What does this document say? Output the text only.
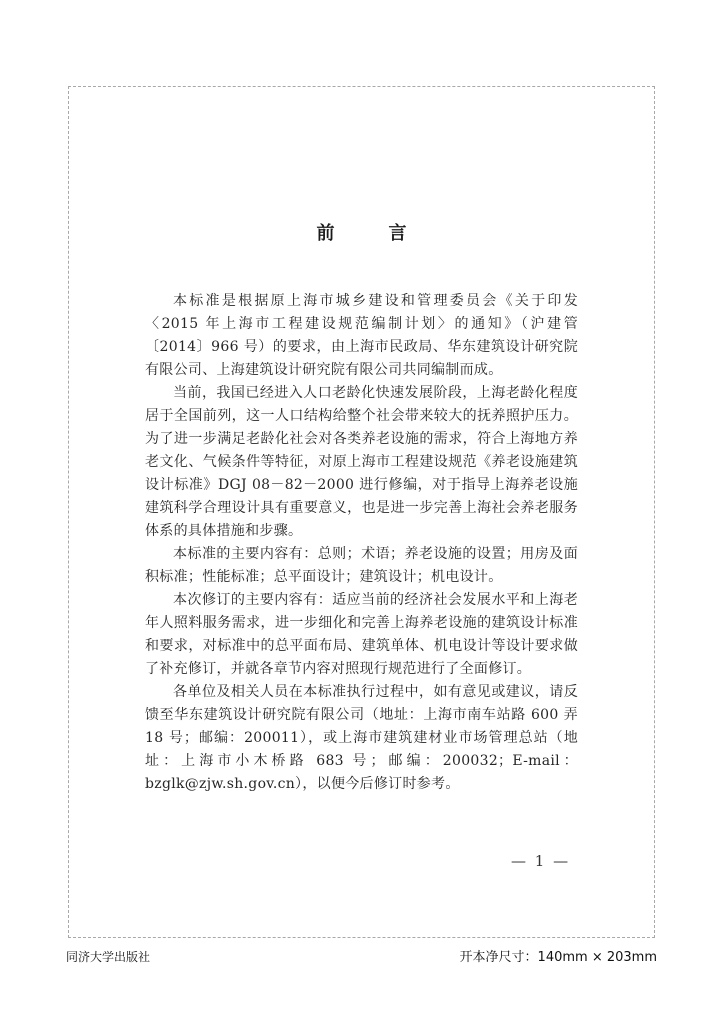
前　言

本标准是根据原上海市城乡建设和管理委员会《关于印发〈2015 年上海市工程建设规范编制计划〉的通知》（沪建管〔2014〕966 号）的要求，由上海市民政局、华东建筑设计研究院有限公司、上海建筑设计研究院有限公司共同编制而成。

当前，我国已经进入人口老龄化快速发展阶段，上海老龄化程度居于全国前列，这一人口结构给整个社会带来较大的抚养照护压力。为了进一步满足老龄化社会对各类养老设施的需求，符合上海地方养老文化、气候条件等特征，对原上海市工程建设规范《养老设施建筑设计标准》DGJ 08－82－2000 进行修编，对于指导上海养老设施建筑科学合理设计具有重要意义，也是进一步完善上海社会养老服务体系的具体措施和步骤。

本标准的主要内容有：总则；术语；养老设施的设置；用房及面积标准；性能标准；总平面设计；建筑设计；机电设计。

本次修订的主要内容有：适应当前的经济社会发展水平和上海老年人照料服务需求，进一步细化和完善上海养老设施的建筑设计标准和要求，对标准中的总平面布局、建筑单体、机电设计等设计要求做了补充修订，并就各章节内容对照现行规范进行了全面修订。

各单位及相关人员在本标准执行过程中，如有意见或建议，请反馈至华东建筑设计研究院有限公司（地址：上海市南车站路 600 弄 18 号；邮编：200011），或上海市建筑建材业市场管理总站（地址：上海市小木桥路 683 号；邮编：200032；E-mail：bzglk@zjw.sh.gov.cn），以便今后修订时参考。

— 1 —
同济大学出版社	开本净尺寸：140mm × 203mm
